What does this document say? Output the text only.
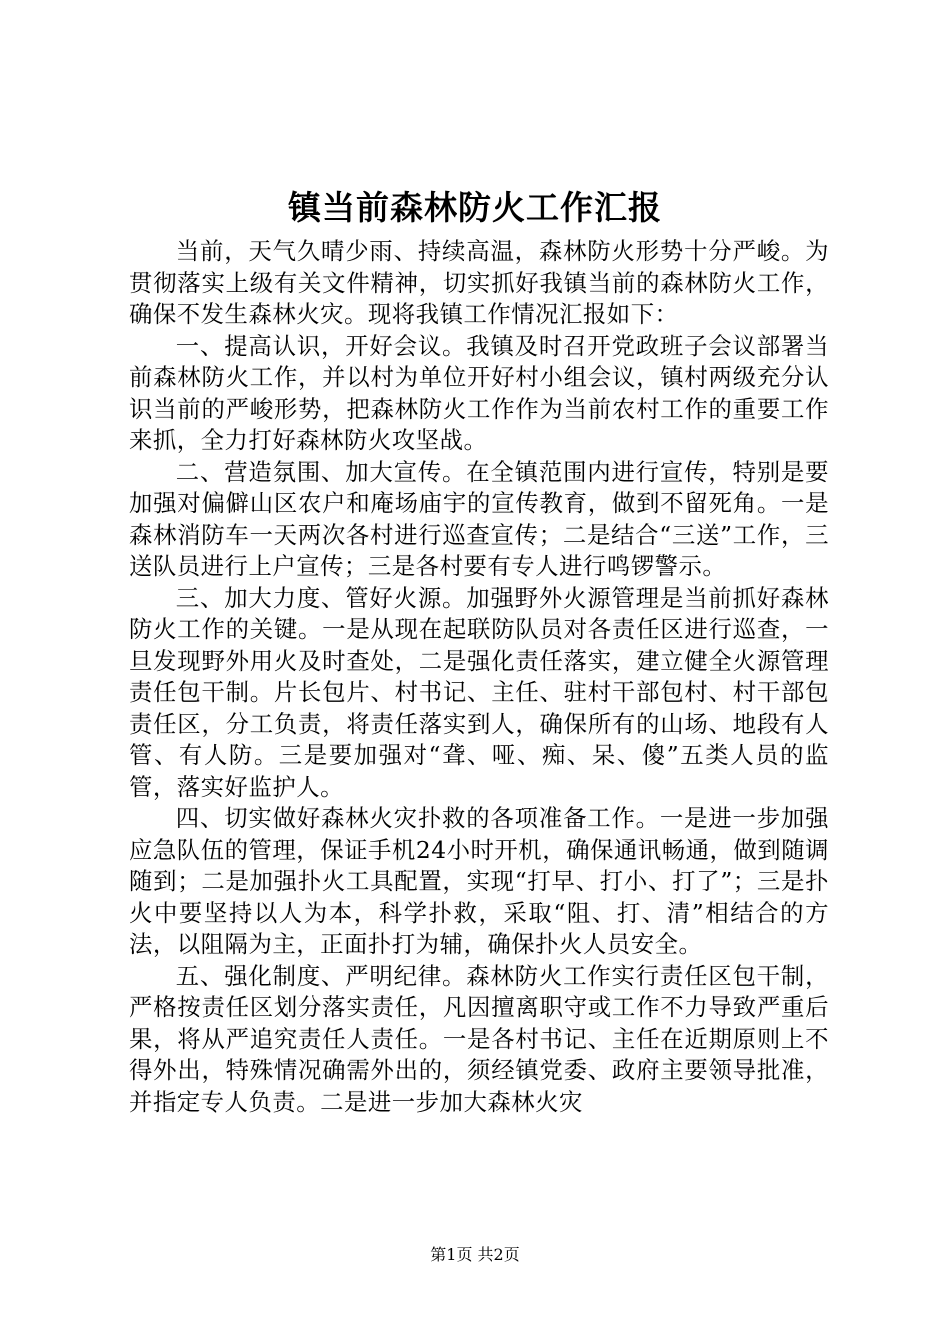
镇当前森林防火工作汇报

当前，天气久晴少雨、持续高温，森林防火形势十分严峻。为贯彻落实上级有关文件精神，切实抓好我镇当前的森林防火工作，确保不发生森林火灾。现将我镇工作情况汇报如下：

一、提高认识，开好会议。我镇及时召开党政班子会议部署当前森林防火工作，并以村为单位开好村小组会议，镇村两级充分认识当前的严峻形势，把森林防火工作作为当前农村工作的重要工作来抓，全力打好森林防火攻坚战。

二、营造氛围、加大宣传。在全镇范围内进行宣传，特别是要加强对偏僻山区农户和庵场庙宇的宣传教育，做到不留死角。一是森林消防车一天两次各村进行巡查宣传；二是结合“三送”工作，三送队员进行上户宣传；三是各村要有专人进行鸣锣警示。

三、加大力度、管好火源。加强野外火源管理是当前抓好森林防火工作的关键。一是从现在起联防队员对各责任区进行巡查，一旦发现野外用火及时查处，二是强化责任落实，建立健全火源管理责任包干制。片长包片、村书记、主任、驻村干部包村、村干部包责任区，分工负责，将责任落实到人，确保所有的山场、地段有人管、有人防。三是要加强对“聋、哑、痴、呆、傻”五类人员的监管，落实好监护人。

四、切实做好森林火灾扑救的各项准备工作。一是进一步加强应急队伍的管理，保证手机24小时开机，确保通讯畅通，做到随调随到；二是加强扑火工具配置，实现“打早、打小、打了”；三是扑火中要坚持以人为本，科学扑救，采取“阻、打、清”相结合的方法，以阻隔为主，正面扑打为辅，确保扑火人员安全。

五、强化制度、严明纪律。森林防火工作实行责任区包干制，严格按责任区划分落实责任，凡因擅离职守或工作不力导致严重后果，将从严追究责任人责任。一是各村书记、主任在近期原则上不得外出，特殊情况确需外出的，须经镇党委、政府主要领导批准，并指定专人负责。二是进一步加大森林火灾

第1页 共2页
